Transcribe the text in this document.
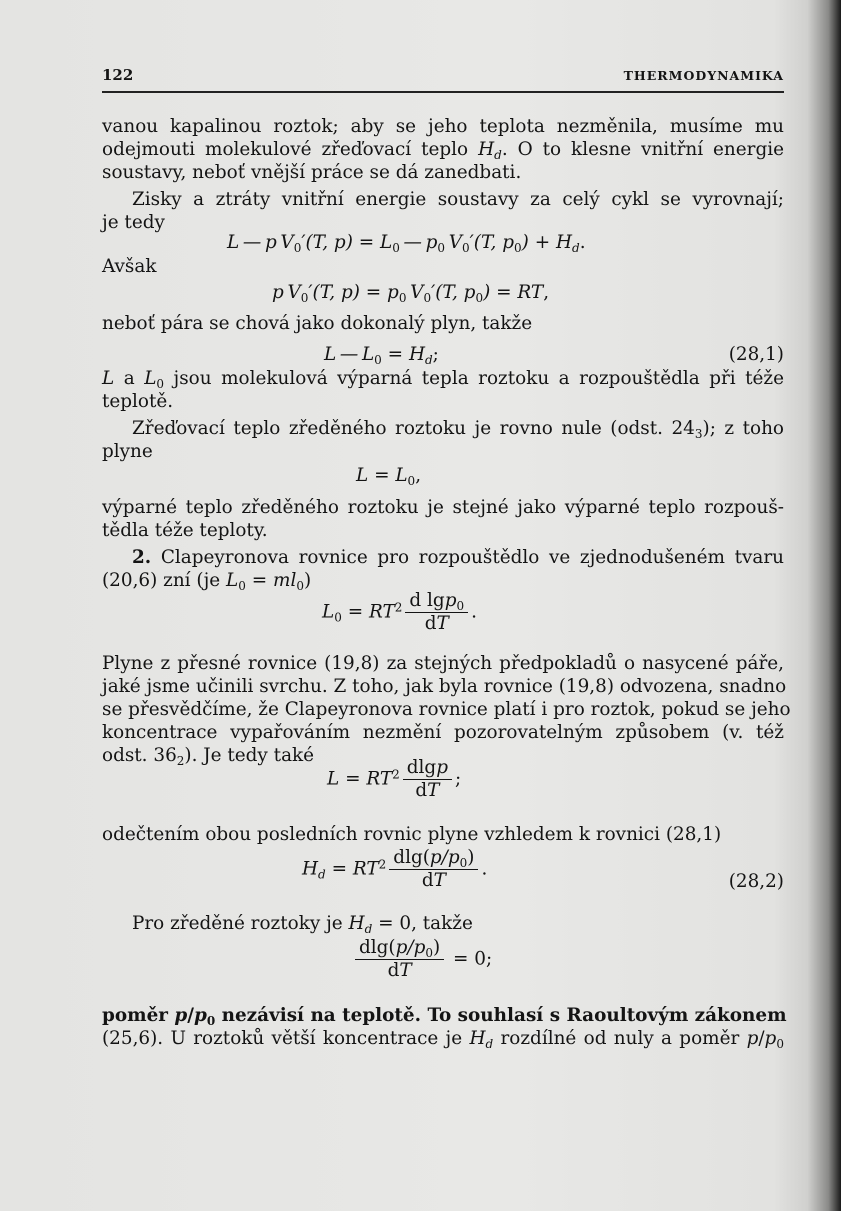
122	THERMODYNAMIKA
vanou kapalinou roztok; aby se jeho teplota nezměnila, musíme mu
odejmouti molekulové zřeďovací teplo $H_d$. O to klesne vnitřní energie
soustavy, neboť vnější práce se dá zanedbati.
Zisky a ztráty vnitřní energie soustavy za celý cykl se vyrovnají;
je tedy
L — p $V_0'(T$, $p) = L_0$ — $p_0$ $V_0'(T$, $p_0) + H_d$.
Avšak
p $V_0'(T$, $p) = p_0$ $V_0'(T$, $p_0$) = RT,
neboť pára se chová jako dokonalý plyn, takže
L — $L_0 = H_d$;	(28,1)
L a $L_0$ jsou molekulová výparná tepla roztoku a rozpouštědla při téže
teplotě.
Zřeďovací teplo zředěného roztoku je rovno nule (odst. $24_3$); z toho
plyne
$L = L_0$,
výparné teplo zředěného roztoku je stejné jako výparné teplo rozpouš-
tědla téže teploty.
2. Clapeyronova rovnice pro rozpouštědlo ve zjednodušeném tvaru
(20,6) zní (je $L_0 = ml_0$)
$L_0 = RT^2 \frac{d \lg p_0}{dT}$ .
Plyne z přesné rovnice (19,8) za stejných předpokladů o nasycené páře,
jaké jsme učinili svrchu. Z toho, jak byla rovnice (19,8) odvozena, snadno
se přesvědčíme, že Clapeyronova rovnice platí i pro roztok, pokud se jeho
koncentrace vypařováním nezmění pozorovatelným způsobem (v. též
odst. $36_2$). Je tedy také
$L = RT^2 \frac{dlgp}{dT}$ ;
odečtením obou posledních rovnic plyne vzhledem k rovnici (28,1)
$H_d = RT^2 \frac{dlg(p/p_0)}{dT}$ .
(28,2)
Pro zředěné roztoky je $H_d = 0$, takže
$\frac{dlg(p/p_0)}{dT} = 0$;
poměr $p/p_0$ nezávisí na teplotě. To souhlasí s Raoultovým zákonem
(25,6). U roztoků větší koncentrace je $H_d$ rozdílné od nuly a poměr $p/p_0$
